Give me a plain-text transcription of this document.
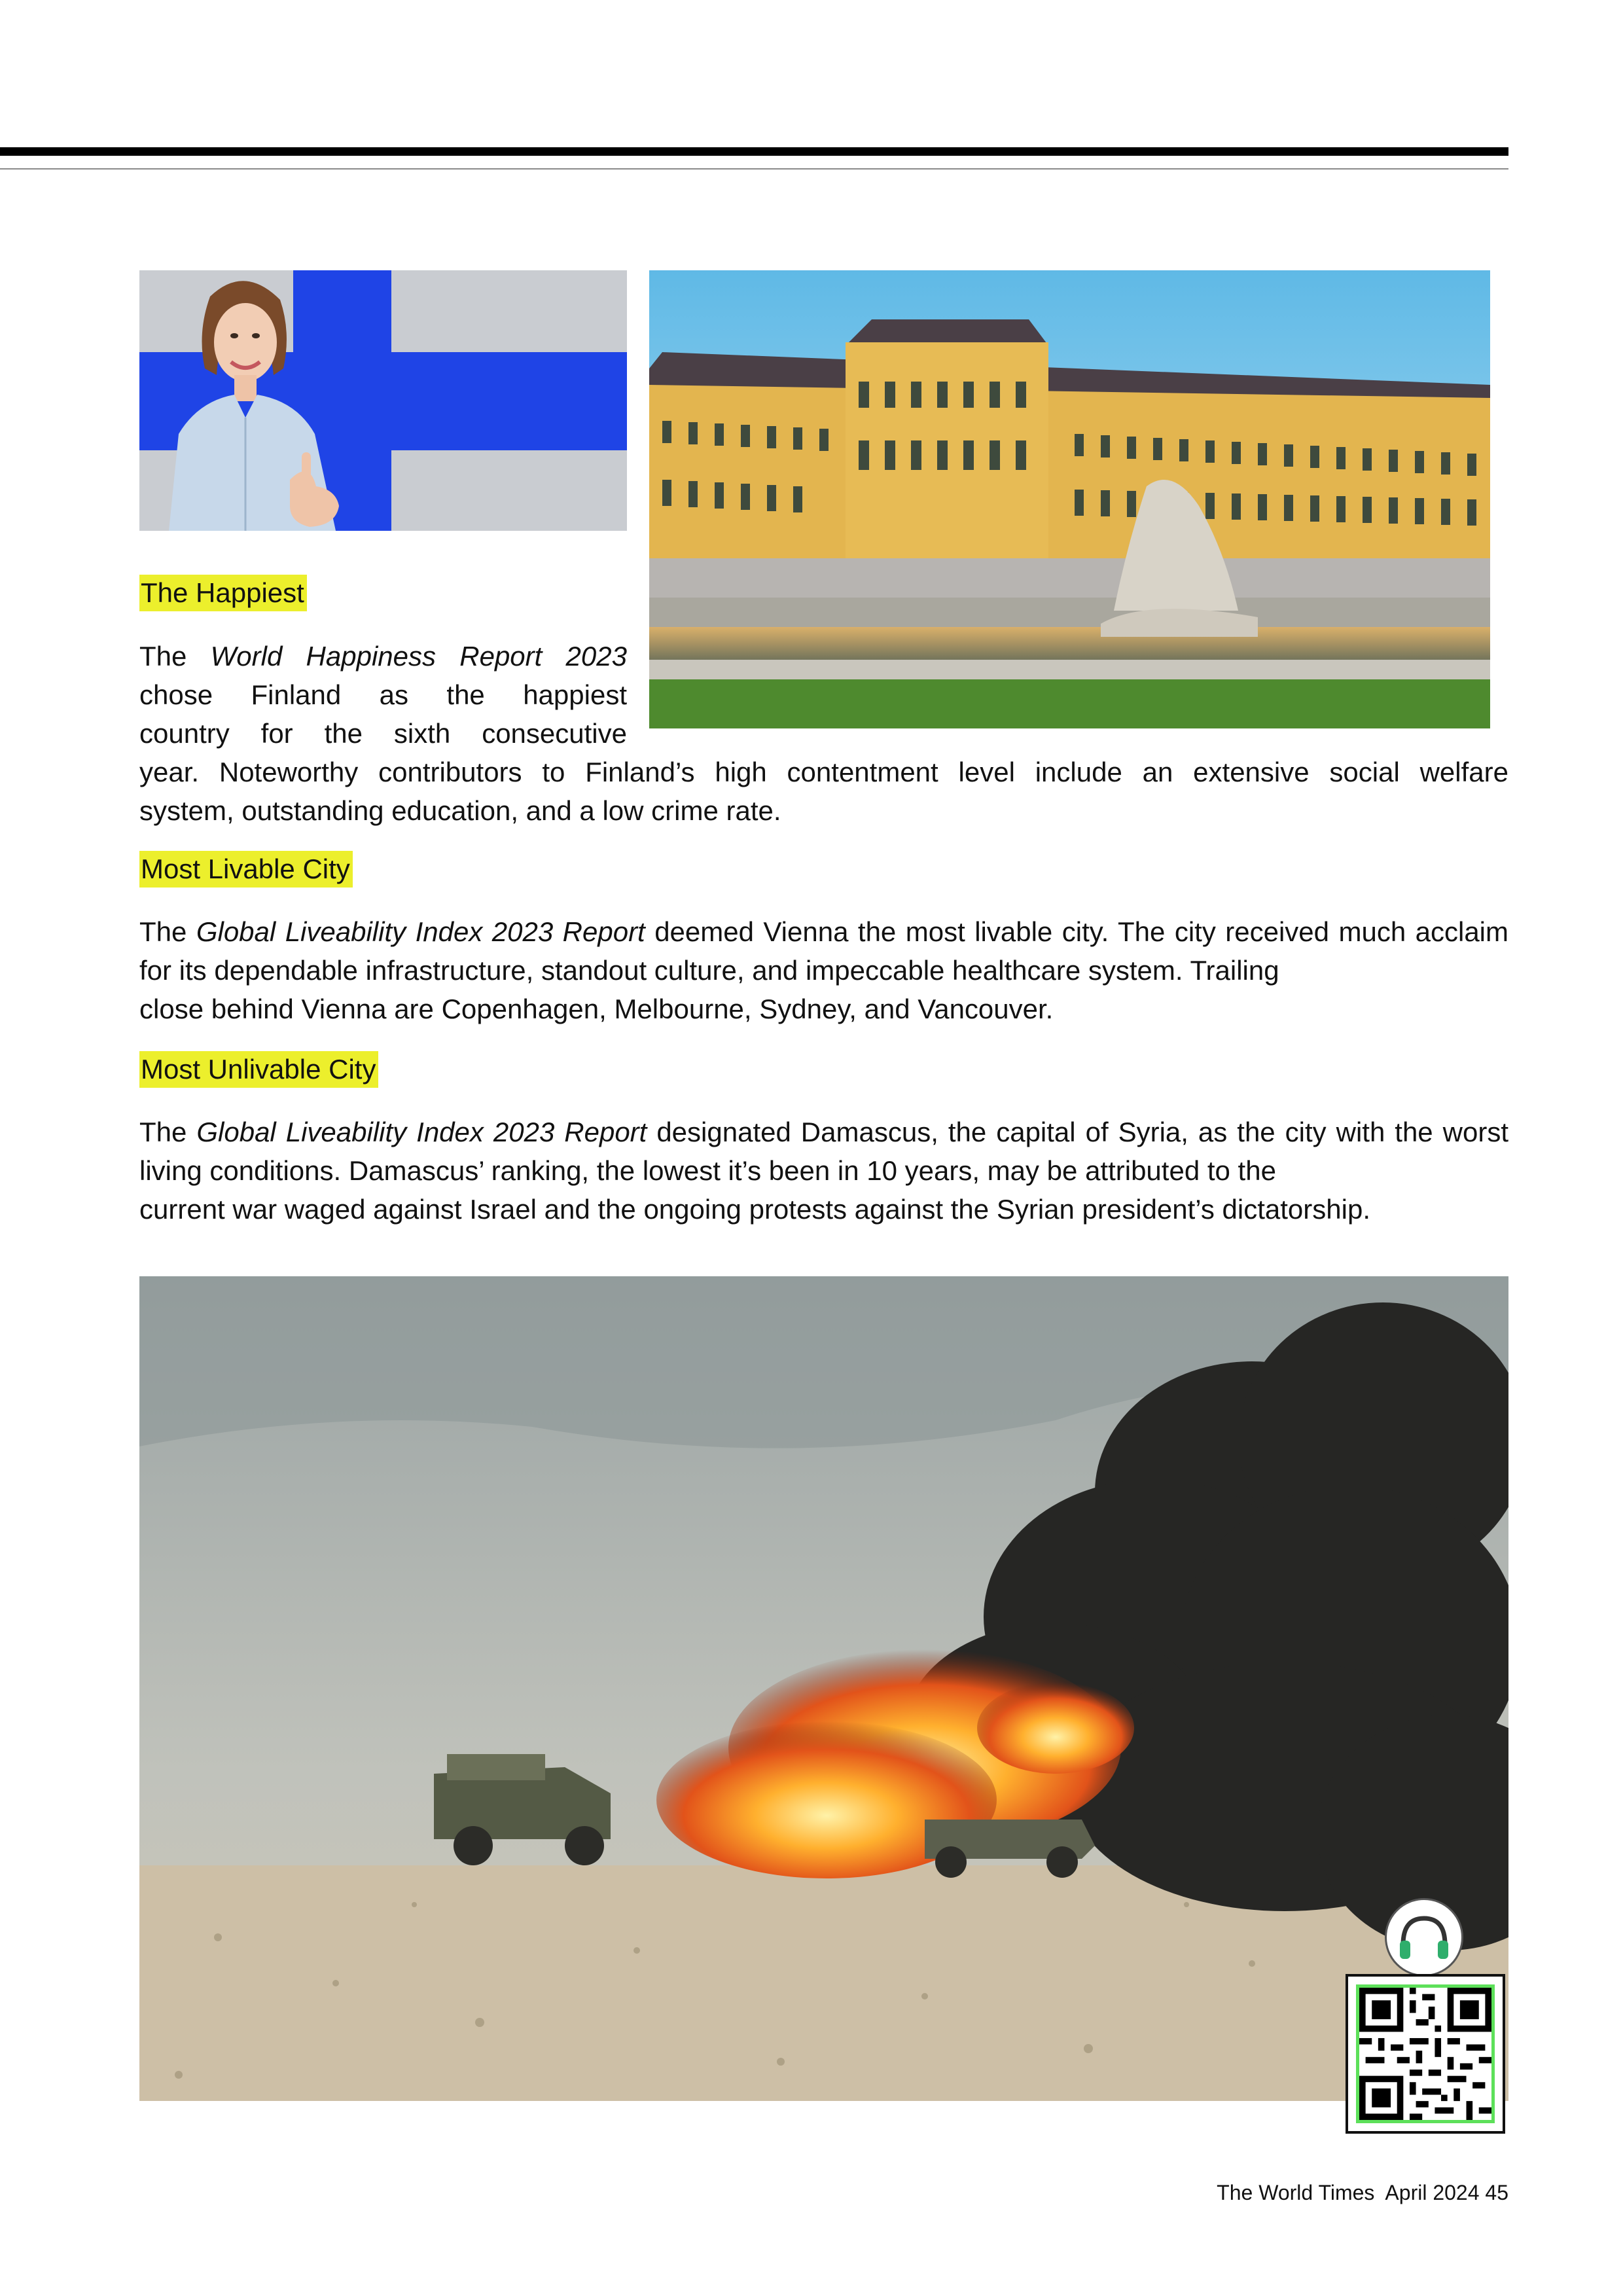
The Happiest
The World Happiness Report 2023
chose Finland as the happiest
country for the sixth consecutive
year. Noteworthy contributors to Finland’s high contentment level include an extensive social welfare
system, outstanding education, and a low crime rate.
Most Livable City

The Global Liveability Index 2023 Report deemed Vienna the most livable city. The city received much acclaim for its dependable infrastructure, standout culture, and impeccable healthcare system. Trailing
close behind Vienna are Copenhagen, Melbourne, Sydney, and Vancouver.

Most Unlivable City

The Global Liveability Index 2023 Report designated Damascus, the capital of Syria, as the city with the worst living conditions. Damascus’ ranking, the lowest it’s been in 10 years, may be attributed to the
current war waged against Israel and the ongoing protests against the Syrian president’s dictatorship.

The World Times April 2024 45
